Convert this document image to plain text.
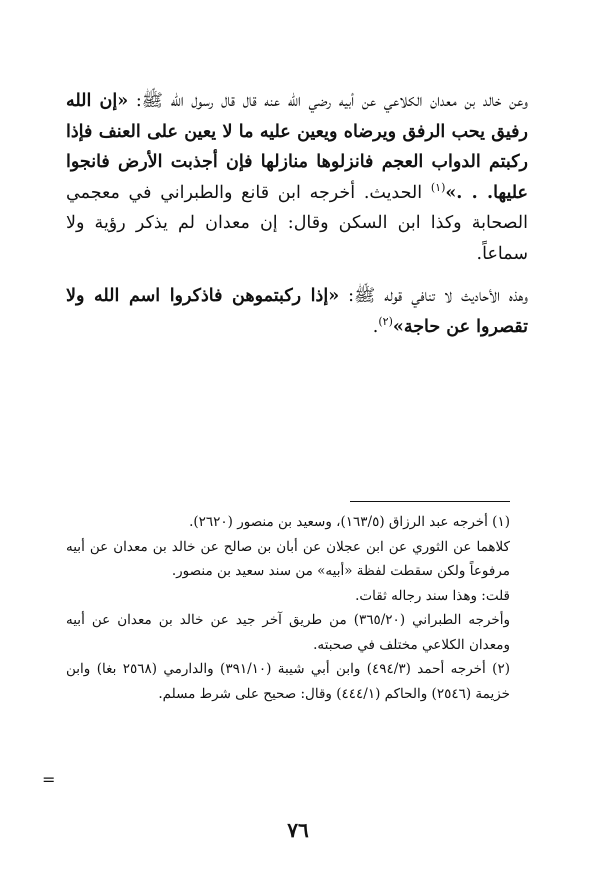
وعن خالد بن معدان الكلاعي عن أبيه رضي الله عنه قال قال رسول الله ﷺ: «إن الله رفيق يحب الرفق ويرضاه ويعين عليه ما لا يعين على العنف فإذا ركبتم الدواب العجم فانزلوها منازلها فإن أجذبت الأرض فانجوا عليها. . .»$^{(١)}$ الحديث. أخرجه ابن قانع والطبراني في معجمي الصحابة وكذا ابن السكن وقال: إن معدان لم يذكر رؤية ولا سماعاً.

وهذه الأحاديث لا تنافي قوله ﷺ: «إذا ركبتموهن فاذكروا اسم الله ولا تقصروا عن حاجة»$^{(٢)}$.

(١) أخرجه عبد الرزاق (١٦٣/٥)، وسعيد بن منصور (٢٦٢٠).

كلاهما عن الثوري عن ابن عجلان عن أبان بن صالح عن خالد بن معدان عن أبيه مرفوعاً ولكن سقطت لفظة «أبيه» من سند سعيد بن منصور.

قلت: وهذا سند رجاله ثقات.

وأخرجه الطبراني (٣٦٥/٢٠) من طريق آخر جيد عن خالد بن معدان عن أبيه ومعدان الكلاعي مختلف في صحبته.

(٢) أخرجه أحمد (٤٩٤/٣) وابن أبي شيبة (٣٩١/١٠) والدارمي (٢٥٦٨ بغا) وابن خزيمة (٢٥٤٦) والحاكم (٤٤٤/١) وقال: صحيح على شرط مسلم.

=
٧٦
